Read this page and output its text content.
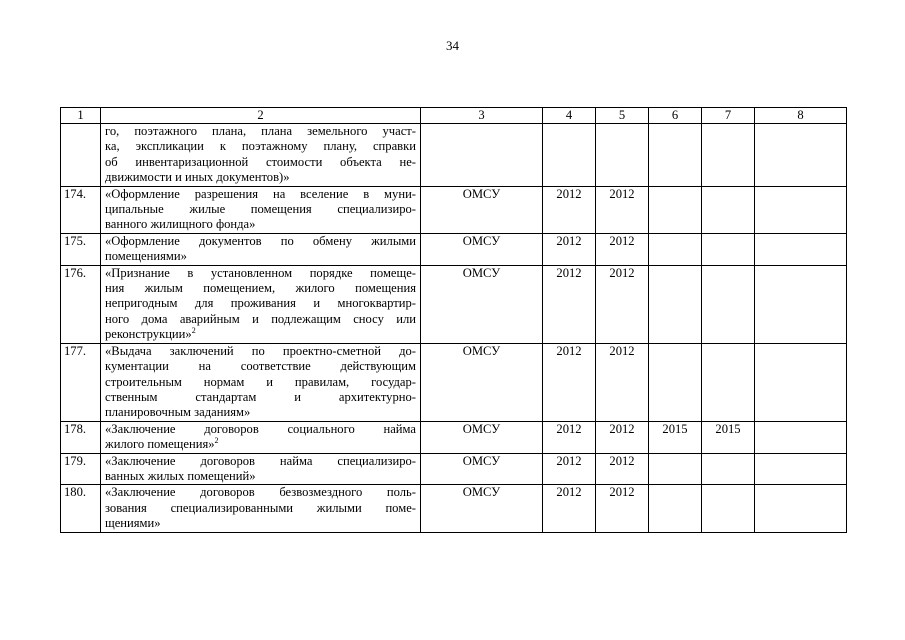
34
1	2	3	4	5	6	7	8

	го, поэтажного плана, плана земельного участ-
ка, экспликации к поэтажному плану, справки
об инвентаризационной стоимости объекта не-
движимости и иных документов)»						

174.	«Оформление разрешения на вселение в муни-
ципальные жилые помещения специализиро-
ванного жилищного фонда»	ОМСУ	2012	2012			
175.	«Оформление документов по обмену жилыми
помещениями»	ОМСУ	2012	2012			
176.	«Признание в установленном порядке помеще-
ния жилым помещением, жилого помещения
непригодным для проживания и многоквартир-
ного дома аварийным и подлежащим сносу или
реконструкции»$^2$	ОМСУ	2012	2012			
177.	«Выдача заключений по проектно-сметной до-
кументации на соответствие действующим
строительным нормам и правилам, государ-
ственным стандартам и архитектурно-
планировочным заданиям»	ОМСУ	2012	2012			
178.	«Заключение договоров социального найма
жилого помещения»$^2$	ОМСУ	2012	2012	2015	2015	
179.	«Заключение договоров найма специализиро-
ванных жилых помещений»	ОМСУ	2012	2012			
180.	«Заключение договоров безвозмездного поль-
зования специализированными жилыми поме-
щениями»	ОМСУ	2012	2012			
